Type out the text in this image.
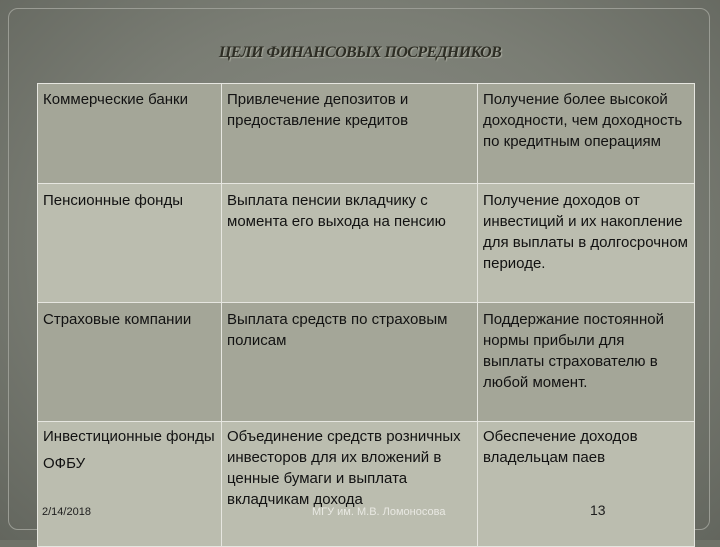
ЦЕЛИ ФИНАНСОВЫХ ПОСРЕДНИКОВ
Коммерческие банки	Привлечение депозитов и предоставление кредитов	Получение более высокой доходности, чем доходность по кредитным операциям
Пенсионные фонды	Выплата пенсии вкладчику с момента его выхода на пенсию	Получение доходов от инвестиций и их накопление для выплаты в долгосрочном периоде.
Страховые компании	Выплата средств по страховым полисам	Поддержание постоянной нормы прибыли для выплаты страхователю в любой момент.

Инвестиционные фонды
ОФБУ	Объединение средств розничных инвесторов для их вложений в ценные бумаги и выплата вкладчикам дохода	Обеспечение доходов владельцам паев
2/14/2018	МГУ им. М.В. Ломоносова	13
